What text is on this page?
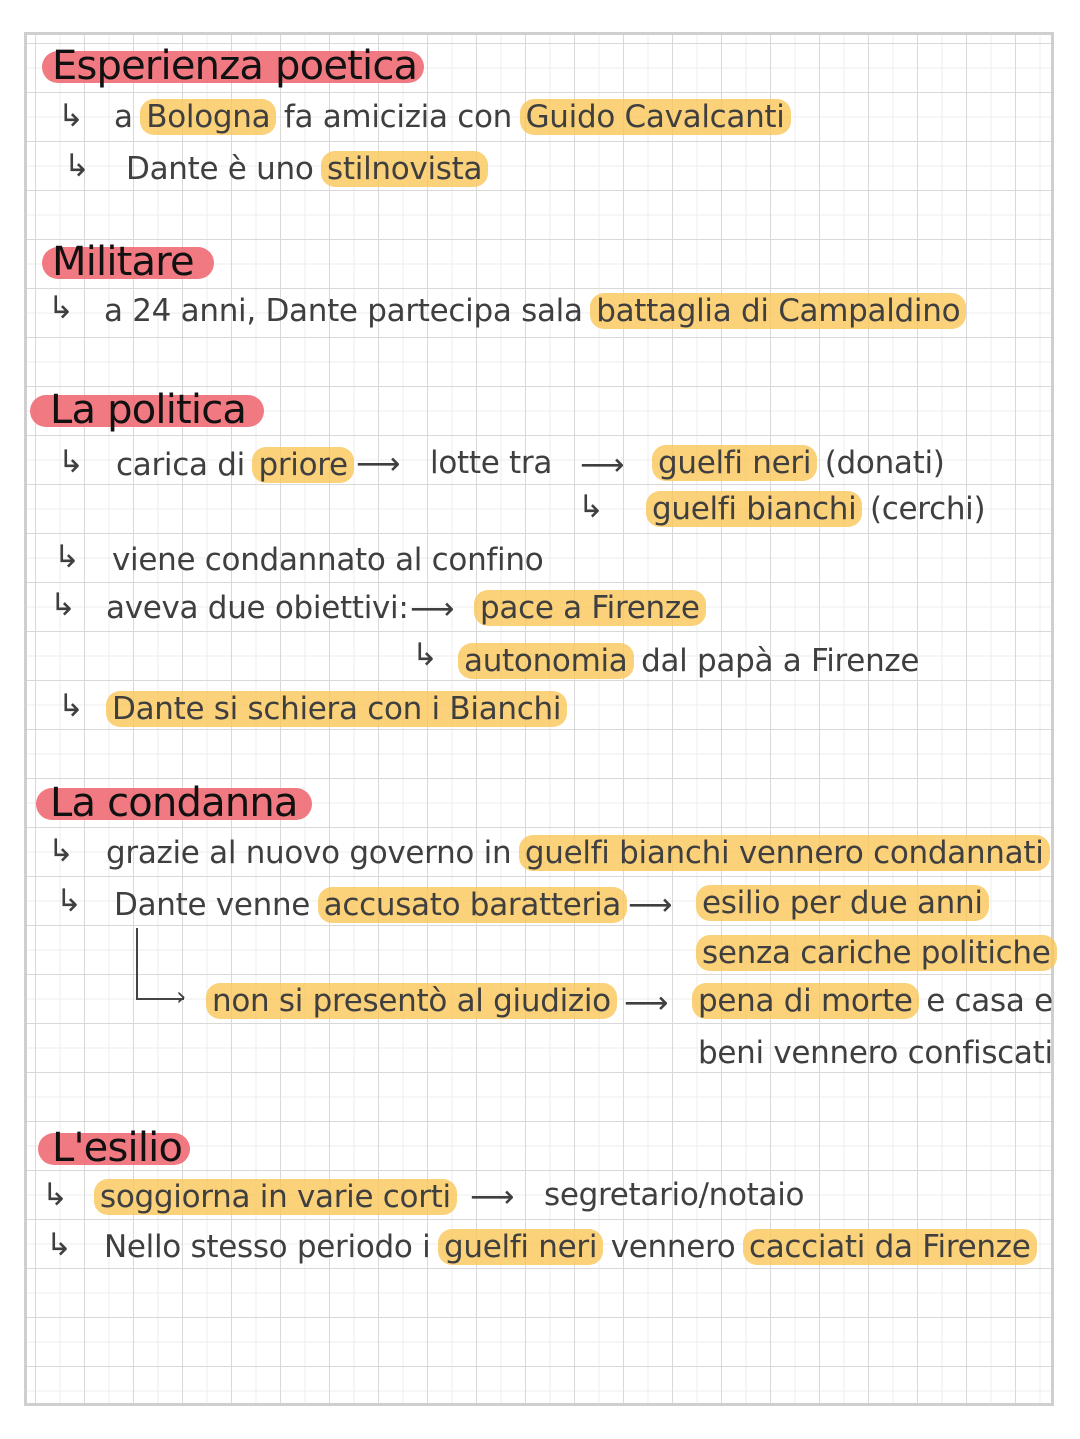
Esperienza poetica
↳ a Bologna fa amicizia con Guido Cavalcanti
↳ Dante è uno stilnovista
Militare
↳ a 24 anni, Dante partecipa sala battaglia di Campaldino
La politica
↳ carica di priore ⟶ lotte tra ⟶ guelfi neri (donati)
↳ guelfi bianchi (cerchi)
↳ viene condannato al confino
↳ aveva due obiettivi: ⟶ pace a Firenze
↳ autonomia dal papà a Firenze
↳ Dante si schiera con i Bianchi
La condanna
↳ grazie al nuovo governo in guelfi bianchi vennero condannati
↳ Dante venne accusato baratteria ⟶ esilio per due anni
senza cariche politiche
› non si presentò al giudizio ⟶ pena di morte e casa e
beni vennero confiscati
L'esilio
↳ soggiorna in varie corti ⟶ segretario/notaio
↳ Nello stesso periodo i guelfi neri vennero cacciati da Firenze
